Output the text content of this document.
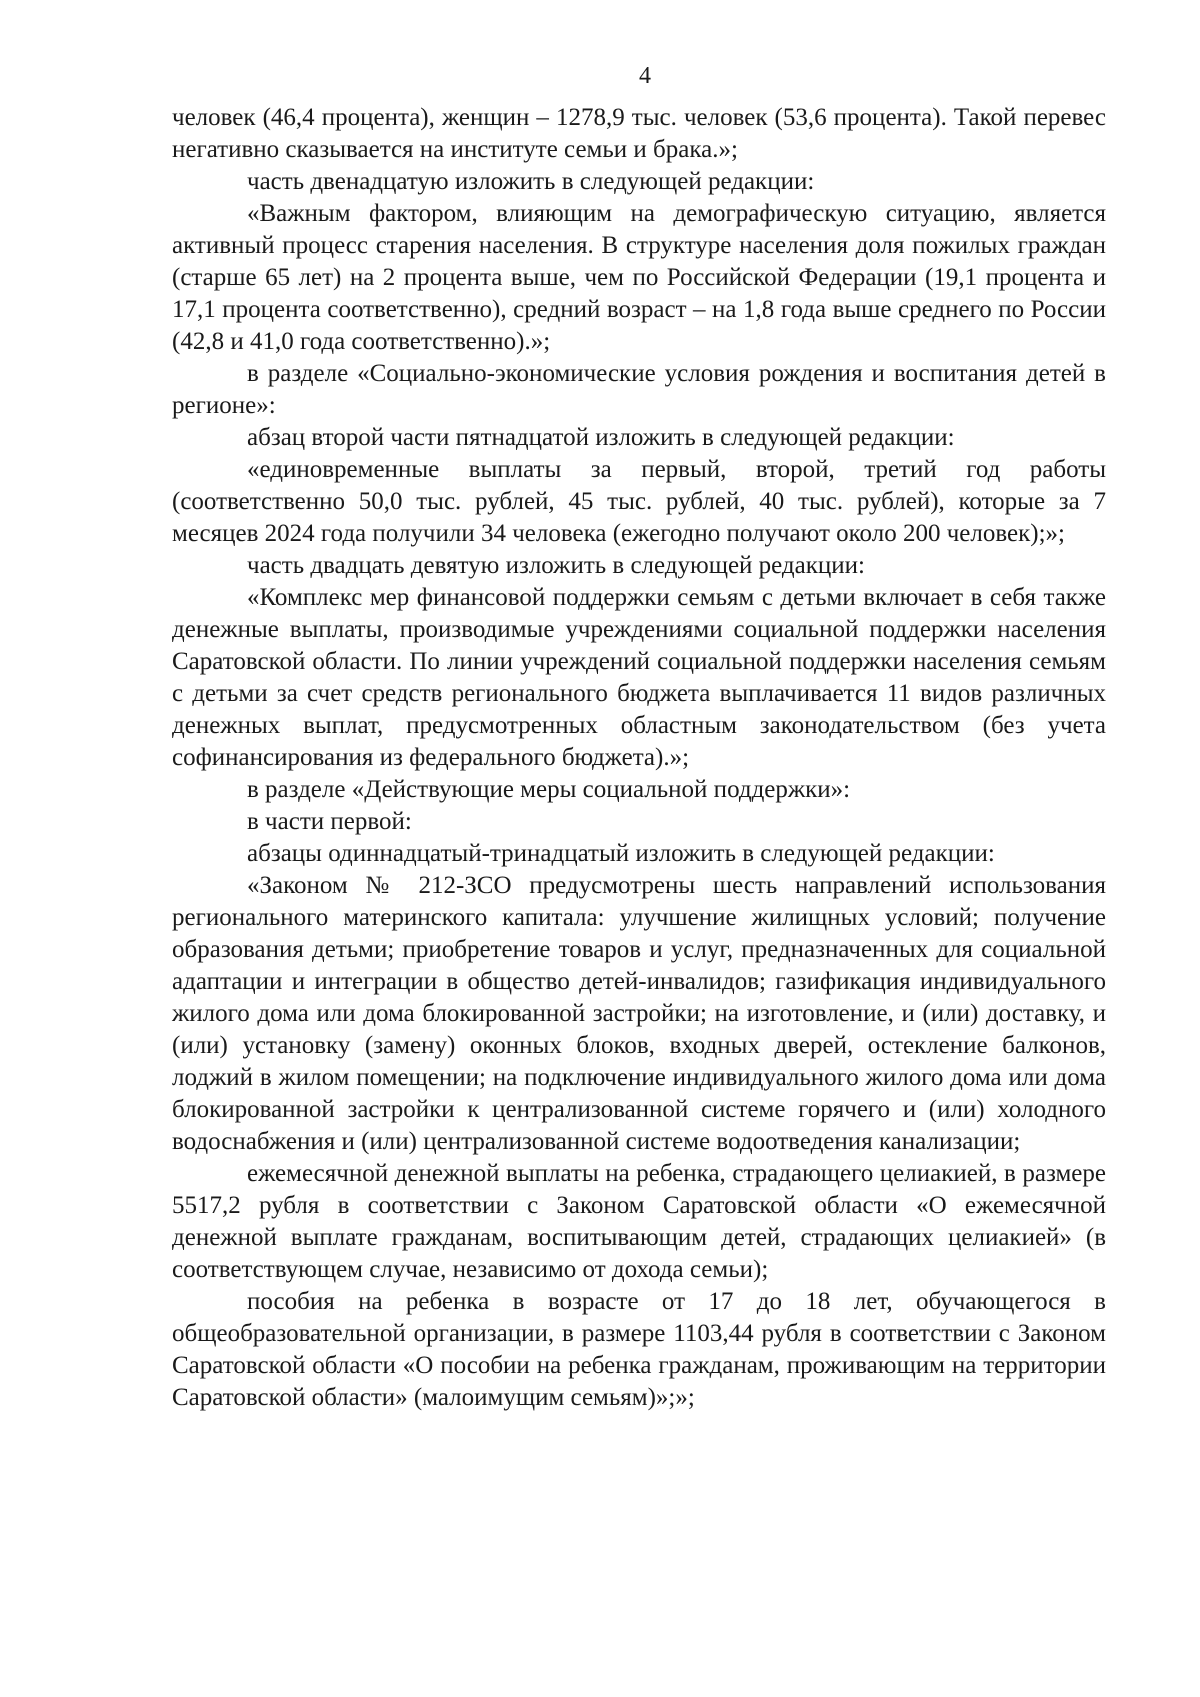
4

человек (46,4 процента), женщин – 1278,9 тыс. человек (53,6 процента). Такой перевес негативно сказывается на институте семьи и брака.»;

часть двенадцатую изложить в следующей редакции:

«Важным фактором, влияющим на демографическую ситуацию, является активный процесс старения населения. В структуре населения доля пожилых граждан (старше 65 лет) на 2 процента выше, чем по Российской Федерации (19,1 процента и 17,1 процента соответственно), средний возраст – на 1,8 года выше среднего по России (42,8 и 41,0 года соответственно).»;

в разделе «Социально-экономические условия рождения и воспитания детей в регионе»:

абзац второй части пятнадцатой изложить в следующей редакции:

«единовременные выплаты за первый, второй, третий год работы (соответственно 50,0 тыс. рублей, 45 тыс. рублей, 40 тыс. рублей), которые за 7 месяцев 2024 года получили 34 человека (ежегодно получают около 200 человек);»;

часть двадцать девятую изложить в следующей редакции:

«Комплекс мер финансовой поддержки семьям с детьми включает в себя также денежные выплаты, производимые учреждениями социальной поддержки населения Саратовской области. По линии учреждений социальной поддержки населения семьям с детьми за счет средств регионального бюджета выплачивается 11 видов различных денежных выплат, предусмотренных областным законодательством (без учета софинансирования из федерального бюджета).»;

в разделе «Действующие меры социальной поддержки»:

в части первой:

абзацы одиннадцатый-тринадцатый изложить в следующей редакции:

«Законом № 212-ЗСО предусмотрены шесть направлений использования регионального материнского капитала: улучшение жилищных условий; получение образования детьми; приобретение товаров и услуг, предназначенных для социальной адаптации и интеграции в общество детей-инвалидов; газификация индивидуального жилого дома или дома блокированной застройки; на изготовление, и (или) доставку, и (или) установку (замену) оконных блоков, входных дверей, остекление балконов, лоджий в жилом помещении; на подключение индивидуального жилого дома или дома блокированной застройки к централизованной системе горячего и (или) холодного водоснабжения и (или) централизованной системе водоотведения канализации;

ежемесячной денежной выплаты на ребенка, страдающего целиакией, в размере 5517,2 рубля в соответствии с Законом Саратовской области «О ежемесячной денежной выплате гражданам, воспитывающим детей, страдающих целиакией» (в соответствующем случае, независимо от дохода семьи);

пособия на ребенка в возрасте от 17 до 18 лет, обучающегося в общеобразовательной организации, в размере 1103,44 рубля в соответствии с Законом Саратовской области «О пособии на ребенка гражданам, проживающим на территории Саратовской области» (малоимущим семьям)»;»;
